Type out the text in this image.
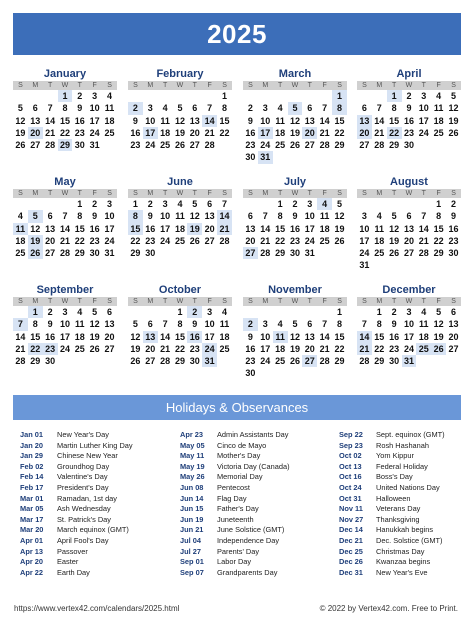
2025
January
S	M	T	W	T	F	S
			1	2	3	4
5	6	7	8	9	10	11
12	13	14	15	16	17	18
19	20	21	22	23	24	25
26	27	28	29	30	31	

February
S	M	T	W	T	F	S
						1
2	3	4	5	6	7	8
9	10	11	12	13	14	15
16	17	18	19	20	21	22
23	24	25	26	27	28	

March
S	M	T	W	T	F	S
						1
2	3	4	5	6	7	8
9	10	11	12	13	14	15
16	17	18	19	20	21	22
23	24	25	26	27	28	29
30	31					
April
S	M	T	W	T	F	S
		1	2	3	4	5
6	7	8	9	10	11	12
13	14	15	16	17	18	19
20	21	22	23	24	25	26
27	28	29	30			

May
S	M	T	W	T	F	S
				1	2	3
4	5	6	7	8	9	10
11	12	13	14	15	16	17
18	19	20	21	22	23	24
25	26	27	28	29	30	31

June
S	M	T	W	T	F	S
1	2	3	4	5	6	7
8	9	10	11	12	13	14
15	16	17	18	19	20	21
22	23	24	25	26	27	28
29	30					

July
S	M	T	W	T	F	S
		1	2	3	4	5
6	7	8	9	10	11	12
13	14	15	16	17	18	19
20	21	22	23	24	25	26
27	28	29	30	31		

August
S	M	T	W	T	F	S
					1	2
3	4	5	6	7	8	9
10	11	12	13	14	15	16
17	18	19	20	21	22	23
24	25	26	27	28	29	30
31						
September
S	M	T	W	T	F	S
	1	2	3	4	5	6
7	8	9	10	11	12	13
14	15	16	17	18	19	20
21	22	23	24	25	26	27
28	29	30				

October
S	M	T	W	T	F	S
			1	2	3	4
5	6	7	8	9	10	11
12	13	14	15	16	17	18
19	20	21	22	23	24	25
26	27	28	29	30	31	

November
S	M	T	W	T	F	S
						1
2	3	4	5	6	7	8
9	10	11	12	13	14	15
16	17	18	19	20	21	22
23	24	25	26	27	28	29
30						
December
S	M	T	W	T	F	S
	1	2	3	4	5	6
7	8	9	10	11	12	13
14	15	16	17	18	19	20
21	22	23	24	25	26	27
28	29	30	31			

Holidays & Observances
Jan 01 New Year's Day
Jan 20 Martin Luther King Day
Jan 29 Chinese New Year
Feb 02 Groundhog Day
Feb 14 Valentine's Day
Feb 17 President's Day
Mar 01 Ramadan, 1st day
Mar 05 Ash Wednesday
Mar 17 St. Patrick's Day
Mar 20 March equinox (GMT)
Apr 01 April Fool's Day
Apr 13 Passover
Apr 20 Easter
Apr 22 Earth Day
Apr 23 Admin Assistants Day
May 05 Cinco de Mayo
May 11 Mother's Day
May 19 Victoria Day (Canada)
May 26 Memorial Day
Jun 08 Pentecost
Jun 14 Flag Day
Jun 15 Father's Day
Jun 19 Juneteenth
Jun 21 June Solstice (GMT)
Jul 04 Independence Day
Jul 27 Parents' Day
Sep 01 Labor Day
Sep 07 Grandparents Day
Sep 22 Sept. equinox (GMT)
Sep 23 Rosh Hashanah
Oct 02 Yom Kippur
Oct 13 Federal Holiday
Oct 16 Boss's Day
Oct 24 United Nations Day
Oct 31 Halloween
Nov 11 Veterans Day
Nov 27 Thanksgiving
Dec 14 Hanukkah begins
Dec 21 Dec. Solstice (GMT)
Dec 25 Christmas Day
Dec 26 Kwanzaa begins
Dec 31 New Year's Eve
https://www.vertex42.com/calendars/2025.html	© 2022 by Vertex42.com. Free to Print.
